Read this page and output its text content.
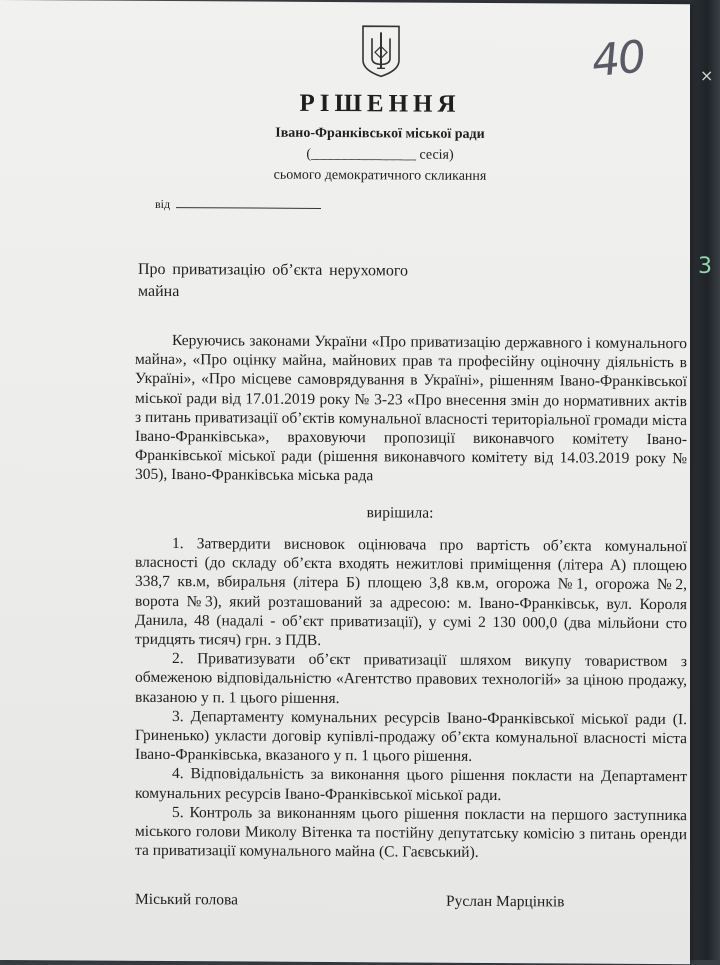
×
3
40
РІШЕННЯ
Івано-Франківської міської ради
(_______________ сесія)
сьомого демократичного скликання
від
Про приватизацію об’єкта нерухомого майна

Керуючись законами України «Про приватизацію державного і комунального майна», «Про оцінку майна, майнових прав та професійну оціночну діяльність в Україні», «Про місцеве самоврядування в Україні», рішенням Івано-Франківської міської ради від 17.01.2019 року № 3-23 «Про внесення змін до нормативних актів з питань приватизації об’єктів комунальної власності територіальної громади міста Івано-Франківська», враховуючи пропозиції виконавчого комітету Івано-Франківської міської ради (рішення виконавчого комітету від 14.03.2019 року № 305), Івано-Франківська міська рада

вирішила:

1. Затвердити висновок оцінювача про вартість об’єкта комунальної власності (до складу об’єкта входять нежитлові приміщення (літера А) площею 338,7 кв.м, вбиральня (літера Б) площею 3,8 кв.м, огорожа №1, огорожа №2, ворота №3), який розташований за адресою: м. Івано-Франківськ, вул. Короля Данила, 48 (надалі - об’єкт приватизації), у сумі 2 130 000,0 (два мільйони сто тридцять тисяч) грн. з ПДВ.

2. Приватизувати об’єкт приватизації шляхом викупу товариством з обмеженою відповідальністю «Агентство правових технологій» за ціною продажу, вказаною у п. 1 цього рішення.

3. Департаменту комунальних ресурсів Івано-Франківської міської ради (І. Гриненько) укласти договір купівлі-продажу об’єкта комунальної власності міста Івано-Франківська, вказаного у п. 1 цього рішення.

4. Відповідальність за виконання цього рішення покласти на Департамент комунальних ресурсів Івано-Франківської міської ради.

5. Контроль за виконанням цього рішення покласти на першого заступника міського голови Миколу Вітенка та постійну депутатську комісію з питань оренди та приватизації комунального майна (С. Гаєвський).

Міський голова	Руслан Марцінків
